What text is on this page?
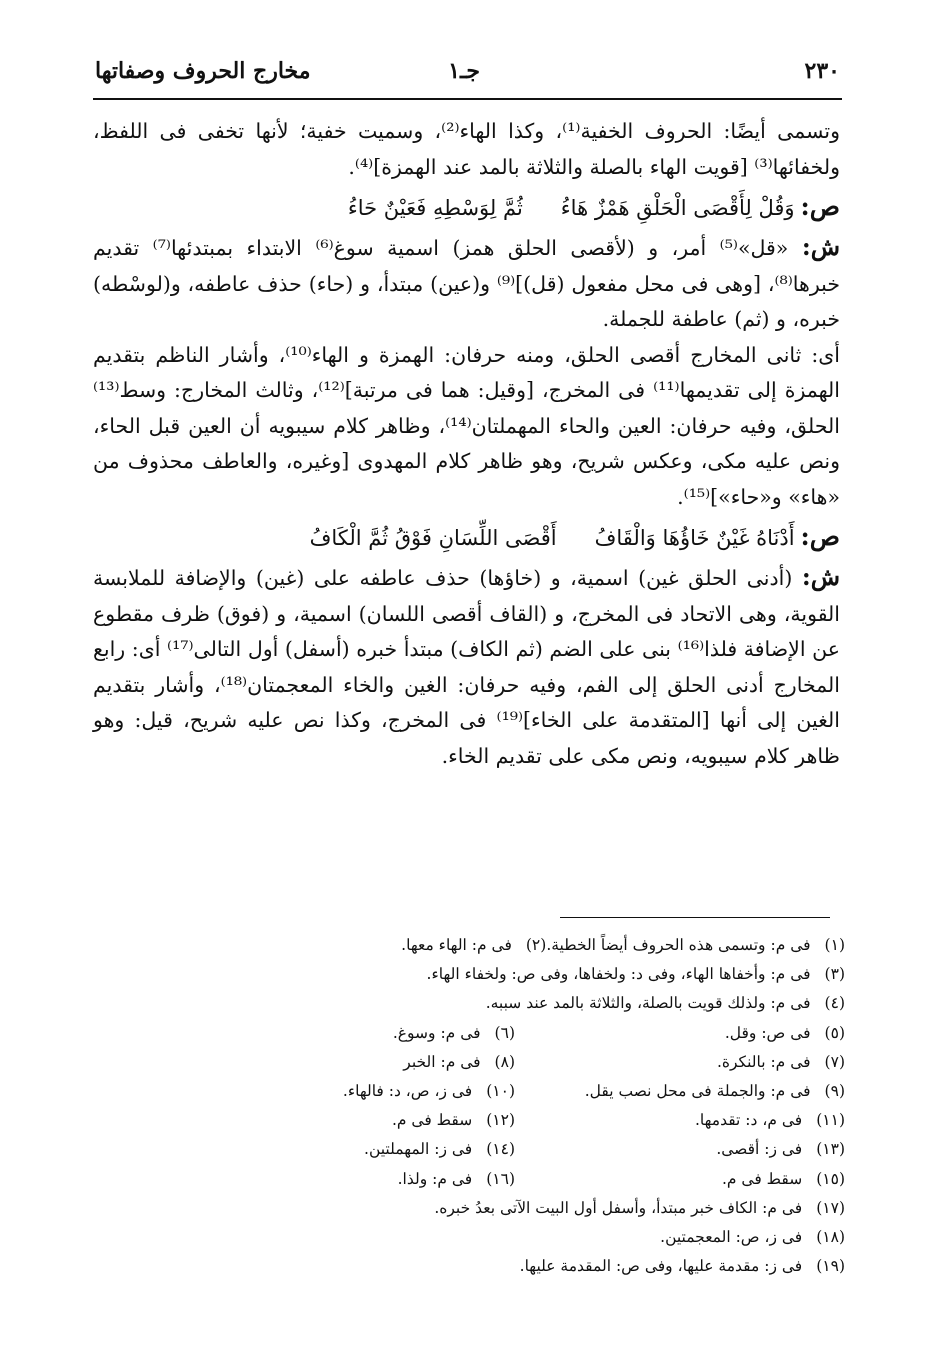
٢٣٠
جـ١
مخارج الحروف وصفاتها

وتسمى أيضًا: الحروف الخفية⁽¹⁾، وكذا الهاء⁽²⁾، وسميت خفية؛ لأنها تخفى فى اللفظ، ولخفائها⁽³⁾ [قويت الهاء بالصلة والثلاثة بالمد عند الهمزة]⁽⁴⁾.

ص:
وَقُلْ لِأَقْصَى الْحَلْقِ هَمْزٌ هَاءُ
ثُمَّ لِوَسْطِهِ فَعَيْنٌ حَاءُ

ش: «قل»⁽⁵⁾ أمر، و (لأقصى الحلق همز) اسمية سوغ⁽⁶⁾ الابتداء بمبتدئها⁽⁷⁾ تقديم خبرها⁽⁸⁾، [وهى فى محل مفعول (قل)]⁽⁹⁾ و(عين) مبتدأ، و (حاء) حذف عاطفه، و(لوسْطه) خبره، و (ثم) عاطفة للجملة.

أى: ثانى المخارج أقصى الحلق، ومنه حرفان: الهمزة و الهاء⁽¹⁰⁾، وأشار الناظم بتقديم الهمزة إلى تقديمها⁽¹¹⁾ فى المخرج، [وقيل: هما فى مرتبة]⁽¹²⁾، وثالث المخارج: وسط⁽¹³⁾ الحلق، وفيه حرفان: العين والحاء المهملتان⁽¹⁴⁾، وظاهر كلام سيبويه أن العين قبل الحاء، ونص عليه مكى، وعكس شريح، وهو ظاهر كلام المهدوى [وغيره، والعاطف محذوف من «هاء» و«حاء»]⁽¹⁵⁾.

ص:
أَدْنَاهُ غَيْنٌ خَاؤُهَا وَالْقَافُ
أَقْصَى اللِّسَانِ فَوْقُ ثُمَّ الْكَافُ

ش: (أدنى الحلق غين) اسمية، و (خاؤها) حذف عاطفه على (غين) والإضافة للملابسة القوية، وهى الاتحاد فى المخرج، و (القاف أقصى اللسان) اسمية، و (فوق) ظرف مقطوع عن الإضافة فلذا⁽¹⁶⁾ بنى على الضم (ثم الكاف) مبتدأ خبره (أسفل) أول التالى⁽¹⁷⁾ أى: رابع المخارج أدنى الحلق إلى الفم، وفيه حرفان: الغين والخاء المعجمتان⁽¹⁸⁾، وأشار بتقديم الغين إلى أنها [المتقدمة على الخاء]⁽¹⁹⁾ فى المخرج، وكذا نص عليه شريح، قيل: وهو ظاهر كلام سيبويه، ونص مكى على تقديم الخاء.

(١)فى م: وتسمى هذه الحروف أيضاً الخطية.
(٢)فى م: الهاء معها.
(٣)فى م: وأخفاها الهاء، وفى د: ولخفاها، وفى ص: ولخفاء الهاء.
(٤)فى م: ولذلك قويت بالصلة، والثلاثة بالمد عند سببه.
(٥)فى ص: وقل.
(٦)فى م: وسوغ.
(٧)فى م: بالنكرة.
(٨)فى م: الخبر
(٩)فى م: والجملة فى محل نصب يقل.
(١٠)فى ز، ص، د: فالهاء.
(١١)فى م، د: تقدمها.
(١٢)سقط فى م.
(١٣)فى ز: أقصى.
(١٤)فى ز: المهملتين.
(١٥)سقط فى م.
(١٦)فى م: ولذا.
(١٧)فى م: الكاف خبر مبتدأ، وأسفل أول البيت الآتى بعدُ خبره.
(١٨)فى ز، ص: المعجمتين.
(١٩)فى ز: مقدمة عليها، وفى ص: المقدمة عليها.
